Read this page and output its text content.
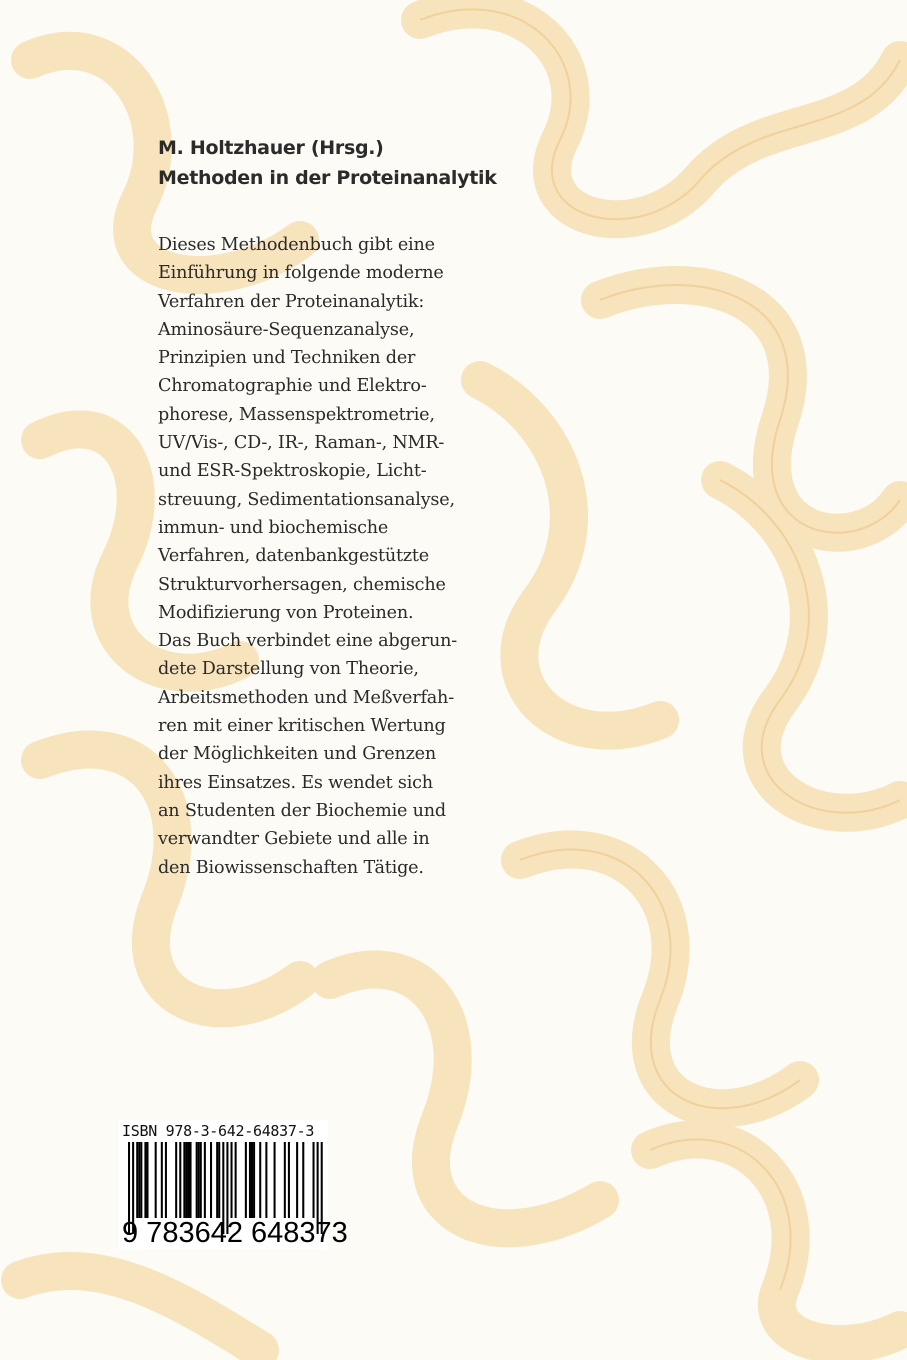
M. Holtzhauer (Hrsg.)
Methoden in der Proteinanalytik
Dieses Methodenbuch gibt eine
Einführung in folgende moderne
Verfahren der Proteinanalytik:
Aminosäure-Sequenzanalyse,
Prinzipien und Techniken der
Chromatographie und Elektro-
phorese, Massenspektrometrie,
UV/Vis-, CD-, IR-, Raman-, NMR-
und ESR-Spektroskopie, Licht-
streuung, Sedimentationsanalyse,
immun- und biochemische
Verfahren, datenbankgestützte
Strukturvorhersagen, chemische
Modifizierung von Proteinen.
Das Buch verbindet eine abgerun-
dete Darstellung von Theorie,
Arbeitsmethoden und Meßverfah-
ren mit einer kritischen Wertung
der Möglichkeiten und Grenzen
ihres Einsatzes. Es wendet sich
an Studenten der Biochemie und
verwandter Gebiete und alle in
den Biowissenschaften Tätige.
ISBN 978-3-642-64837-3
9 783642 648373
